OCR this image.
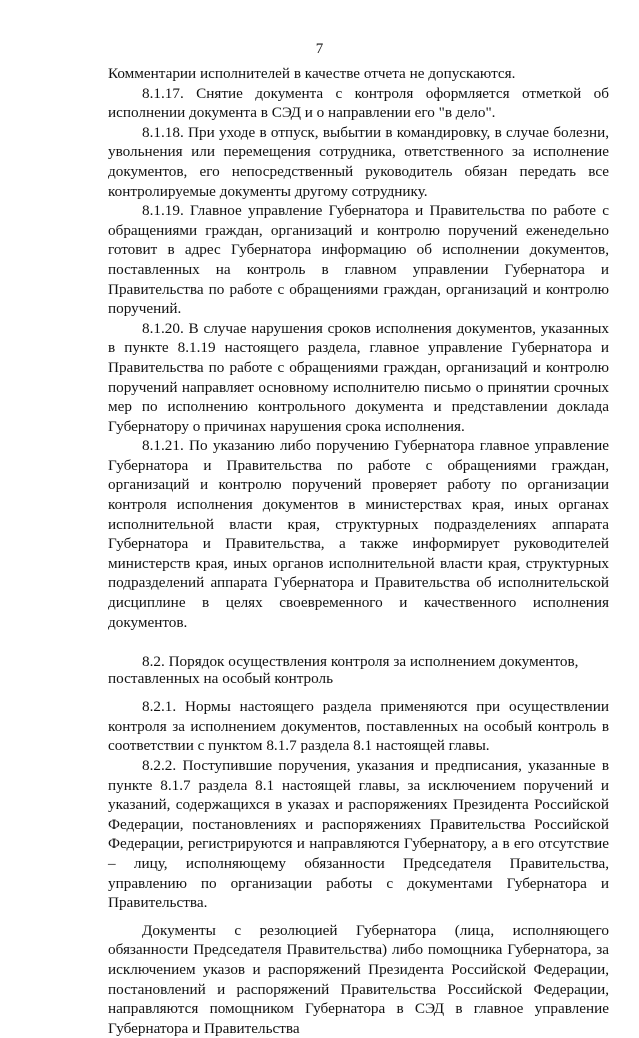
7

Комментарии исполнителей в качестве отчета не допускаются.

8.1.17. Снятие документа с контроля оформляется отметкой об исполнении документа в СЭД и о направлении его "в дело".

8.1.18. При уходе в отпуск, выбытии в командировку, в случае болезни, увольнения или перемещения сотрудника, ответственного за исполнение документов, его непосредственный руководитель обязан передать все контролируемые документы другому сотруднику.

8.1.19. Главное управление Губернатора и Правительства по работе с обращениями граждан, организаций и контролю поручений еженедельно готовит в адрес Губернатора информацию об исполнении документов, поставленных на контроль в главном управлении Губернатора и Правительства по работе с обращениями граждан, организаций и контролю поручений.

8.1.20. В случае нарушения сроков исполнения документов, указанных в пункте 8.1.19 настоящего раздела, главное управление Губернатора и Правительства по работе с обращениями граждан, организаций и контролю поручений направляет основному исполнителю письмо о принятии срочных мер по исполнению контрольного документа и представлении доклада Губернатору о причинах нарушения срока исполнения.

8.1.21. По указанию либо поручению Губернатора главное управление Губернатора и Правительства по работе с обращениями граждан, организаций и контролю поручений проверяет работу по организации контроля исполнения документов в министерствах края, иных органах исполнительной власти края, структурных подразделениях аппарата Губернатора и Правительства, а также информирует руководителей министерств края, иных органов исполнительной власти края, структурных подразделений аппарата Губернатора и Правительства об исполнительской дисциплине в целях своевременного и качественного исполнения документов.

8.2. Порядок осуществления контроля за исполнением документов, поставленных на особый контроль

8.2.1. Нормы настоящего раздела применяются при осуществлении контроля за исполнением документов, поставленных на особый контроль в соответствии с пунктом 8.1.7 раздела 8.1 настоящей главы.

8.2.2. Поступившие поручения, указания и предписания, указанные в пункте 8.1.7 раздела 8.1 настоящей главы, за исключением поручений и указаний, содержащихся в указах и распоряжениях Президента Российской Федерации, постановлениях и распоряжениях Правительства Российской Федерации, регистрируются и направляются Губернатору, а в его отсутствие – лицу, исполняющему обязанности Председателя Правительства, управлению по организации работы с документами Губернатора и Правительства.

Документы с резолюцией Губернатора (лица, исполняющего обязанности Председателя Правительства) либо помощника Губернатора, за исключением указов и распоряжений Президента Российской Федерации, постановлений и распоряжений Правительства Российской Федерации, направляются помощником Губернатора в СЭД в главное управление Губернатора и Правительства
